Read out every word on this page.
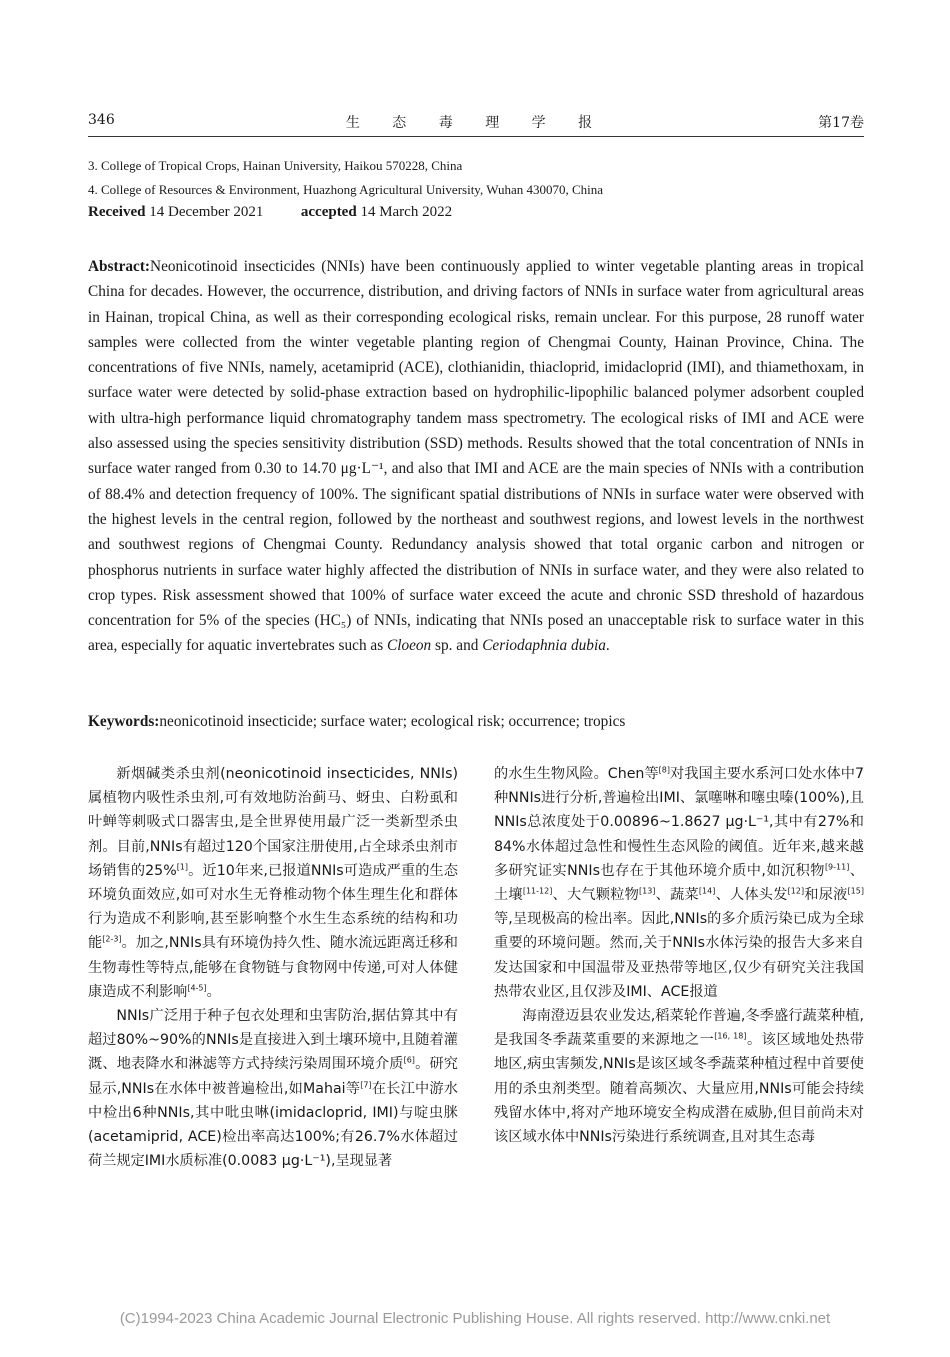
346	生 态 毒 理 学 报	第17卷
3. College of Tropical Crops, Hainan University, Haikou 570228, China
4. College of Resources & Environment, Huazhong Agricultural University, Wuhan 430070, China
Received 14 December 2021	accepted 14 March 2022

Abstract:Neonicotinoid insecticides (NNIs) have been continuously applied to winter vegetable planting areas in tropical China for decades. However, the occurrence, distribution, and driving factors of NNIs in surface water from agricultural areas in Hainan, tropical China, as well as their corresponding ecological risks, remain unclear. For this purpose, 28 runoff water samples were collected from the winter vegetable planting region of Chengmai County, Hainan Province, China. The concentrations of five NNIs, namely, acetamiprid (ACE), clothianidin, thiacloprid, imidacloprid (IMI), and thiamethoxam, in surface water were detected by solid-phase extraction based on hydrophilic-lipophilic balanced polymer adsorbent coupled with ultra-high performance liquid chromatography tandem mass spectrometry. The ecological risks of IMI and ACE were also assessed using the species sensitivity distribution (SSD) methods. Results showed that the total concentration of NNIs in surface water ranged from 0.30 to 14.70 μg·L⁻¹, and also that IMI and ACE are the main species of NNIs with a contribution of 88.4% and detection frequency of 100%. The significant spatial distributions of NNIs in surface water were observed with the highest levels in the central region, followed by the northeast and southwest regions, and lowest levels in the northwest and southwest regions of Chengmai County. Redundancy analysis showed that total organic carbon and nitrogen or phosphorus nutrients in surface water highly affected the distribution of NNIs in surface water, and they were also related to crop types. Risk assessment showed that 100% of surface water exceed the acute and chronic SSD threshold of hazardous concentration for 5% of the species (HC₅) of NNIs, indicating that NNIs posed an unacceptable risk to surface water in this area, especially for aquatic invertebrates such as Cloeon sp. and Ceriodaphnia dubia.

Keywords:neonicotinoid insecticide; surface water; ecological risk; occurrence; tropics

新烟碱类杀虫剂(neonicotinoid insecticides, NNIs)属植物内吸性杀虫剂,可有效地防治蓟马、蚜虫、白粉虱和叶蝉等刺吸式口器害虫,是全世界使用最广泛一类新型杀虫剂。目前,NNIs有超过120个国家注册使用,占全球杀虫剂市场销售的25%[1]。近10年来,已报道NNIs可造成严重的生态环境负面效应,如可对水生无脊椎动物个体生理生化和群体行为造成不利影响,甚至影响整个水生生态系统的结构和功能[2-3]。加之,NNIs具有环境伪持久性、随水流远距离迁移和生物毒性等特点,能够在食物链与食物网中传递,可对人体健康造成不利影响[4-5]。

NNIs广泛用于种子包衣处理和虫害防治,据估算其中有超过80%~90%的NNIs是直接进入到土壤环境中,且随着灌溉、地表降水和淋滤等方式持续污染周围环境介质[6]。研究显示,NNIs在水体中被普遍检出,如Mahai等[7]在长江中游水中检出6种NNIs,其中吡虫啉(imidacloprid, IMI)与啶虫脒(acetamiprid, ACE)检出率高达100%;有26.7%水体超过荷兰规定IMI水质标准(0.0083 μg·L⁻¹),呈现显著

的水生生物风险。Chen等[8]对我国主要水系河口处水体中7种NNIs进行分析,普遍检出IMI、氯噻啉和噻虫嗪(100%),且NNIs总浓度处于0.00896~1.8627 μg·L⁻¹,其中有27%和84%水体超过急性和慢性生态风险的阈值。近年来,越来越多研究证实NNIs也存在于其他环境介质中,如沉积物[9-11]、土壤[11-12]、大气颗粒物[13]、蔬菜[14]、人体头发[12]和尿液[15]等,呈现极高的检出率。因此,NNIs的多介质污染已成为全球重要的环境问题。然而,关于NNIs水体污染的报告大多来自发达国家和中国温带及亚热带等地区,仅少有研究关注我国热带农业区,且仅涉及IMI、ACE报道

海南澄迈县农业发达,稻菜轮作普遍,冬季盛行蔬菜种植,是我国冬季蔬菜重要的来源地之一[16, 18]。该区域地处热带地区,病虫害频发,NNIs是该区域冬季蔬菜种植过程中首要使用的杀虫剂类型。随着高频次、大量应用,NNIs可能会持续残留水体中,将对产地环境安全构成潜在威胁,但目前尚未对该区域水体中NNIs污染进行系统调查,且对其生态毒

(C)1994-2023 China Academic Journal Electronic Publishing House. All rights reserved. http://www.cnki.net
